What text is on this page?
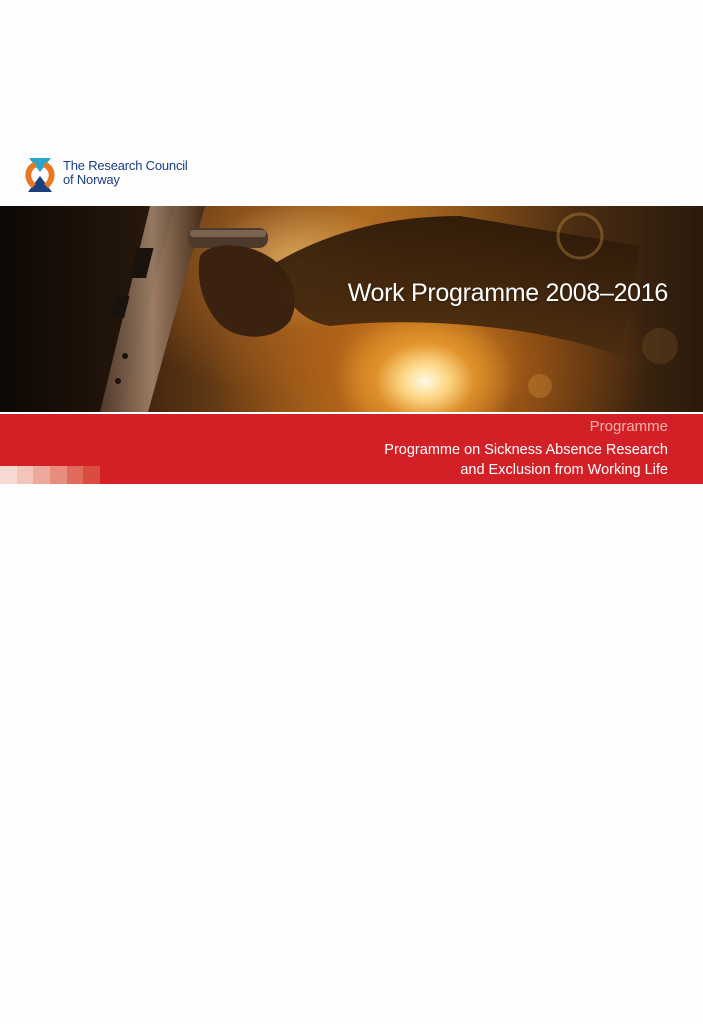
The Research Council
of Norway
Work Programme 2008–2016
Programme
Programme on Sickness Absence Research
and Exclusion from Working Life
